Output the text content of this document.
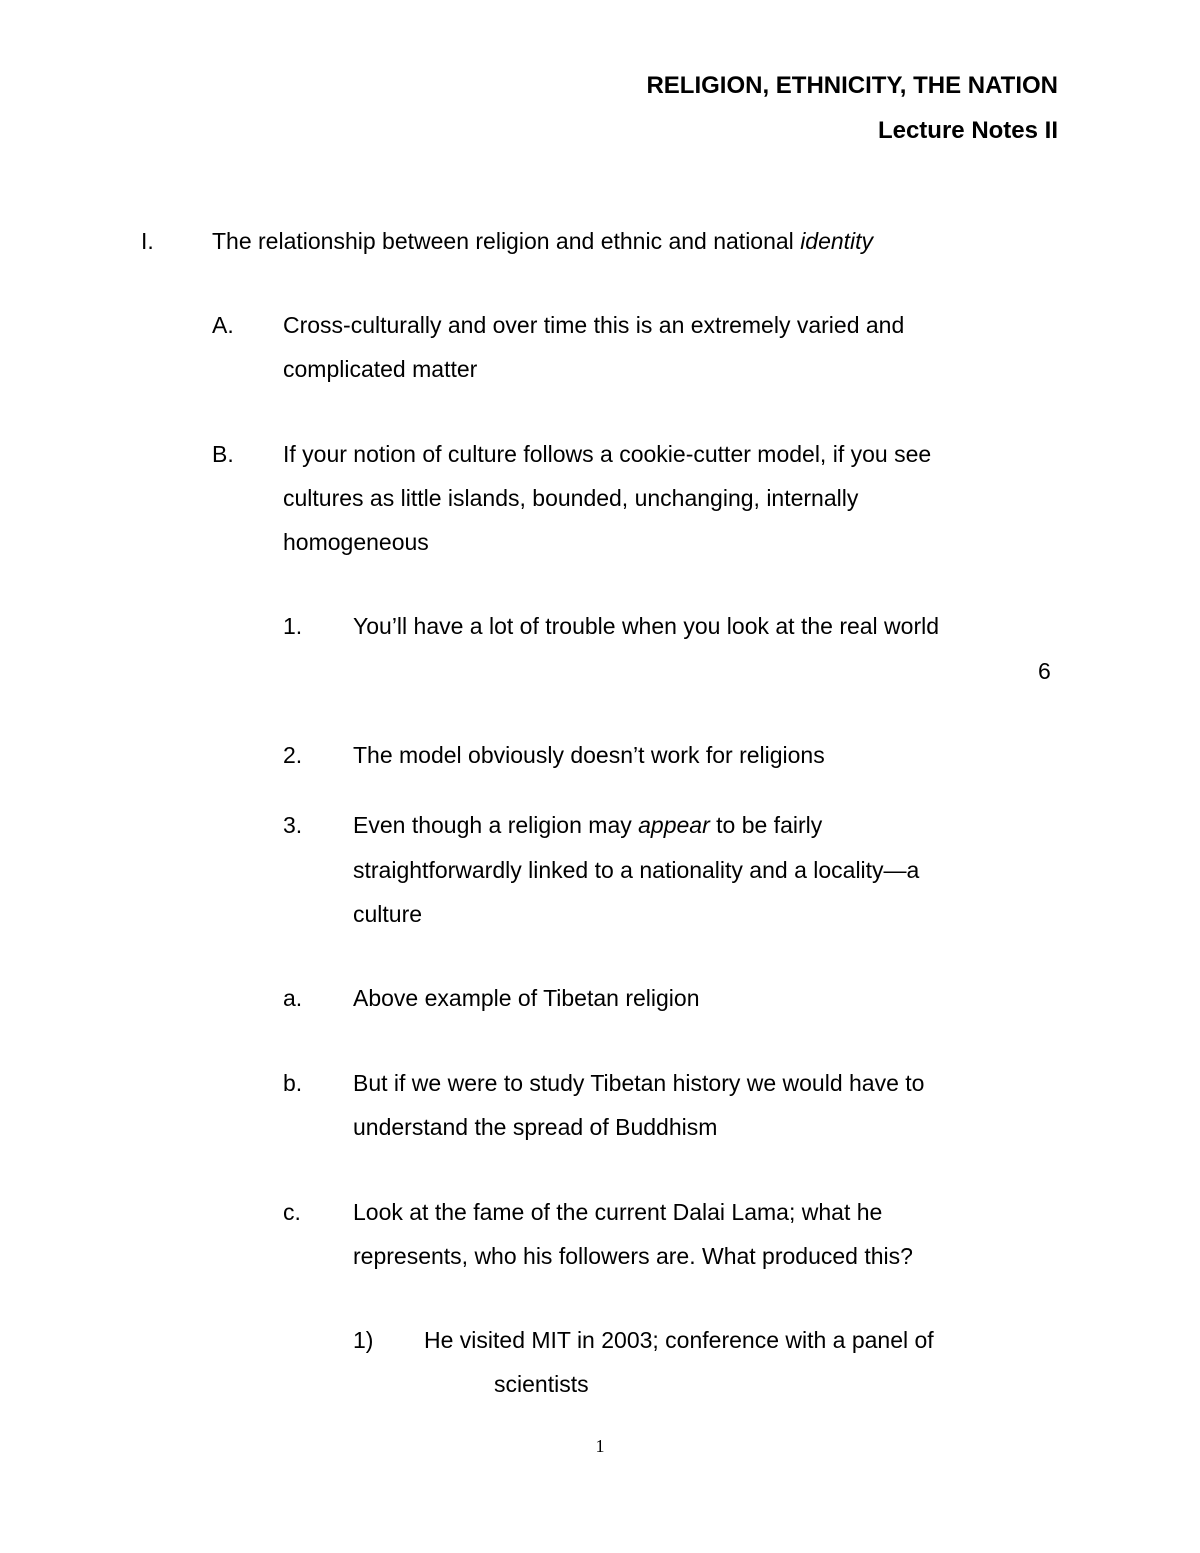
RELIGION, ETHNICITY, THE NATION
Lecture Notes II
I.	The relationship between religion and ethnic and national identity
A. Cross-culturally and over time this is an extremely varied and
complicated matter
B. If your notion of culture follows a cookie-cutter model, if you see
cultures as little islands, bounded, unchanging, internally
homogeneous
1. You’ll have a lot of trouble when you look at the real world
6
2. The model obviously doesn’t work for religions
3. Even though a religion may appear to be fairly
straightforwardly linked to a nationality and a locality—a
culture
a. Above example of Tibetan religion
b. But if we were to study Tibetan history we would have to
understand the spread of Buddhism
c. Look at the fame of the current Dalai Lama; what he
represents, who his followers are. What produced this?
1) He visited MIT in 2003; conference with a panel of
scientists
1
